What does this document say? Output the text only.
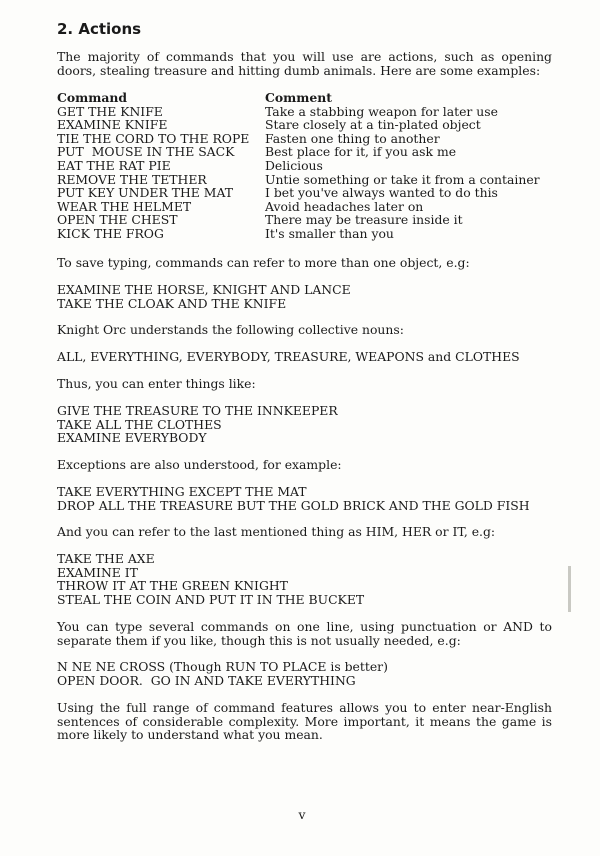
2. Actions

The majority of commands that you will use are actions, such as opening doors, stealing treasure and hitting dumb animals. Here are some examples:

Command	Comment
GET THE KNIFE	Take a stabbing weapon for later use
EXAMINE KNIFE	Stare closely at a tin-plated object
TIE THE CORD TO THE ROPE	Fasten one thing to another
PUT  MOUSE IN THE SACK	Best place for it, if you ask me
EAT THE RAT PIE	Delicious
REMOVE THE TETHER	Untie something or take it from a container
PUT KEY UNDER THE MAT	I bet you've always wanted to do this
WEAR THE HELMET	Avoid headaches later on
OPEN THE CHEST	There may be treasure inside it
KICK THE FROG	It's smaller than you

To save typing, commands can refer to more than one object, e.g:

EXAMINE THE HORSE, KNIGHT AND LANCE
TAKE THE CLOAK AND THE KNIFE

Knight Orc understands the following collective nouns:

ALL, EVERYTHING, EVERYBODY, TREASURE, WEAPONS and CLOTHES

Thus, you can enter things like:

GIVE THE TREASURE TO THE INNKEEPER
TAKE ALL THE CLOTHES
EXAMINE EVERYBODY

Exceptions are also understood, for example:

TAKE EVERYTHING EXCEPT THE MAT
DROP ALL THE TREASURE BUT THE GOLD BRICK AND THE GOLD FISH

And you can refer to the last mentioned thing as HIM, HER or IT, e.g:

TAKE THE AXE
EXAMINE IT
THROW IT AT THE GREEN KNIGHT
STEAL THE COIN AND PUT IT IN THE BUCKET

You can type several commands on one line, using punctuation or AND to separate them if you like, though this is not usually needed, e.g:

N NE NE CROSS (Though RUN TO PLACE is better)
OPEN DOOR.  GO IN AND TAKE EVERYTHING

Using the full range of command features allows you to enter near-English sentences of considerable complexity. More important, it means the game is more likely to understand what you mean.

v
